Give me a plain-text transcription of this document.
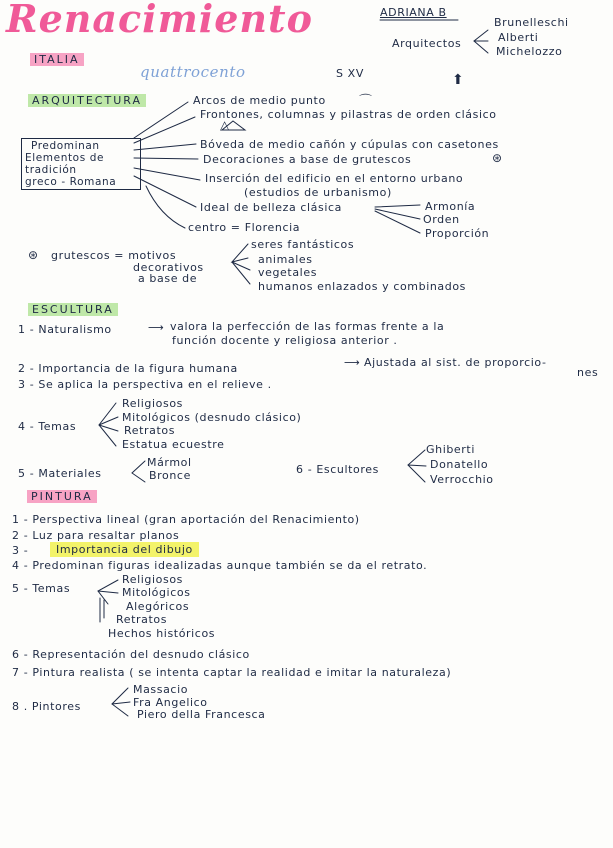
Renacimiento	ADRIANA B
Arquitectos
Brunelleschi
Alberti
Michelozzo
ITALIA
quattrocento	S XV	⬆
ARQUITECTURA
Predominan
Elementos de
tradición
greco - Romana
Arcos de medio punto	⌒
Frontones, columnas y pilastras de orden clásico
△
Bóveda de medio cañón y cúpulas con casetones
Decoraciones a base de grutescos	⊛
Inserción del edificio en el entorno urbano
(estudios de urbanismo)
Ideal de belleza clásica	Armonía
Orden
Proporción
centro = Florencia
⊛ grutescos = motivos
decorativos
a base de
seres fantásticos
animales
vegetales
humanos enlazados y combinados
ESCULTURA
1 - Naturalismo	⟶ valora la perfección de las formas frente a la
función docente y religiosa anterior .
2 - Importancia de la figura humana	⟶ Ajustada al sist. de proporcio-
nes
3 - Se aplica la perspectiva en el relieve .
4 - Temas
Religiosos
Mitológicos (desnudo clásico)
Retratos
Estatua ecuestre
5 - Materiales
Mármol
Bronce	6 - Escultores
Ghiberti
Donatello
Verrocchio
PINTURA
1 - Perspectiva lineal (gran aportación del Renacimiento)
2 - Luz para resaltar planos
3 -	Importancia del dibujo
4 - Predominan figuras idealizadas aunque también se da el retrato.
5 - Temas
Religiosos
Mitológicos
Alegóricos
Retratos
Hechos históricos
6 - Representación del desnudo clásico
7 - Pintura realista ( se intenta captar la realidad e imitar la naturaleza)
8 . Pintores
Massacio
Fra Angelico
Piero della Francesca
